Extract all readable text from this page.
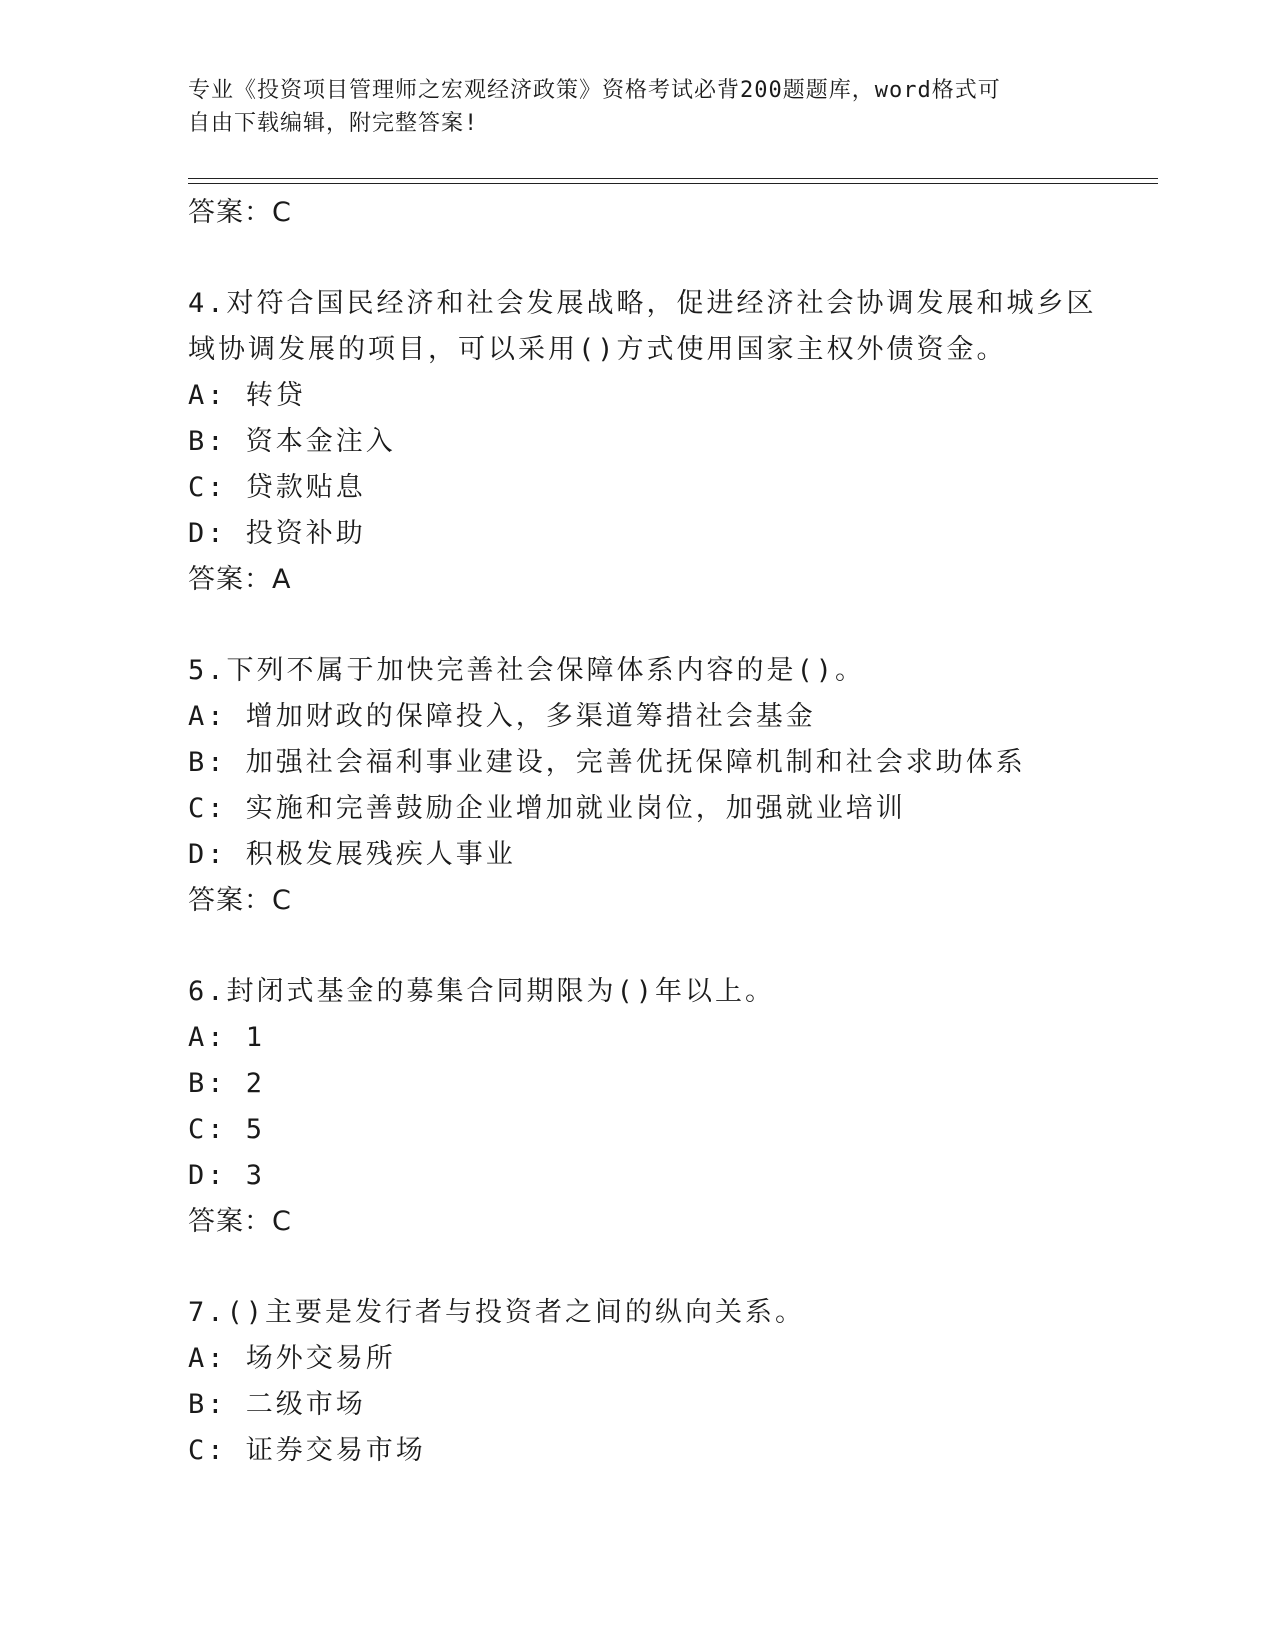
专业《投资项目管理师之宏观经济政策》资格考试必背200题题库，word格式可
自由下载编辑，附完整答案!
答案：C
4.对符合国民经济和社会发展战略，促进经济社会协调发展和城乡区
域协调发展的项目，可以采用()方式使用国家主权外债资金。
A: 转贷
B: 资本金注入
C: 贷款贴息
D: 投资补助
答案：A
5.下列不属于加快完善社会保障体系内容的是()。
A: 增加财政的保障投入，多渠道筹措社会基金
B: 加强社会福利事业建设，完善优抚保障机制和社会求助体系
C: 实施和完善鼓励企业增加就业岗位，加强就业培训
D: 积极发展残疾人事业
答案：C
6.封闭式基金的募集合同期限为()年以上。
A: 1
B: 2
C: 5
D: 3
答案：C
7.()主要是发行者与投资者之间的纵向关系。
A: 场外交易所
B: 二级市场
C: 证券交易市场
